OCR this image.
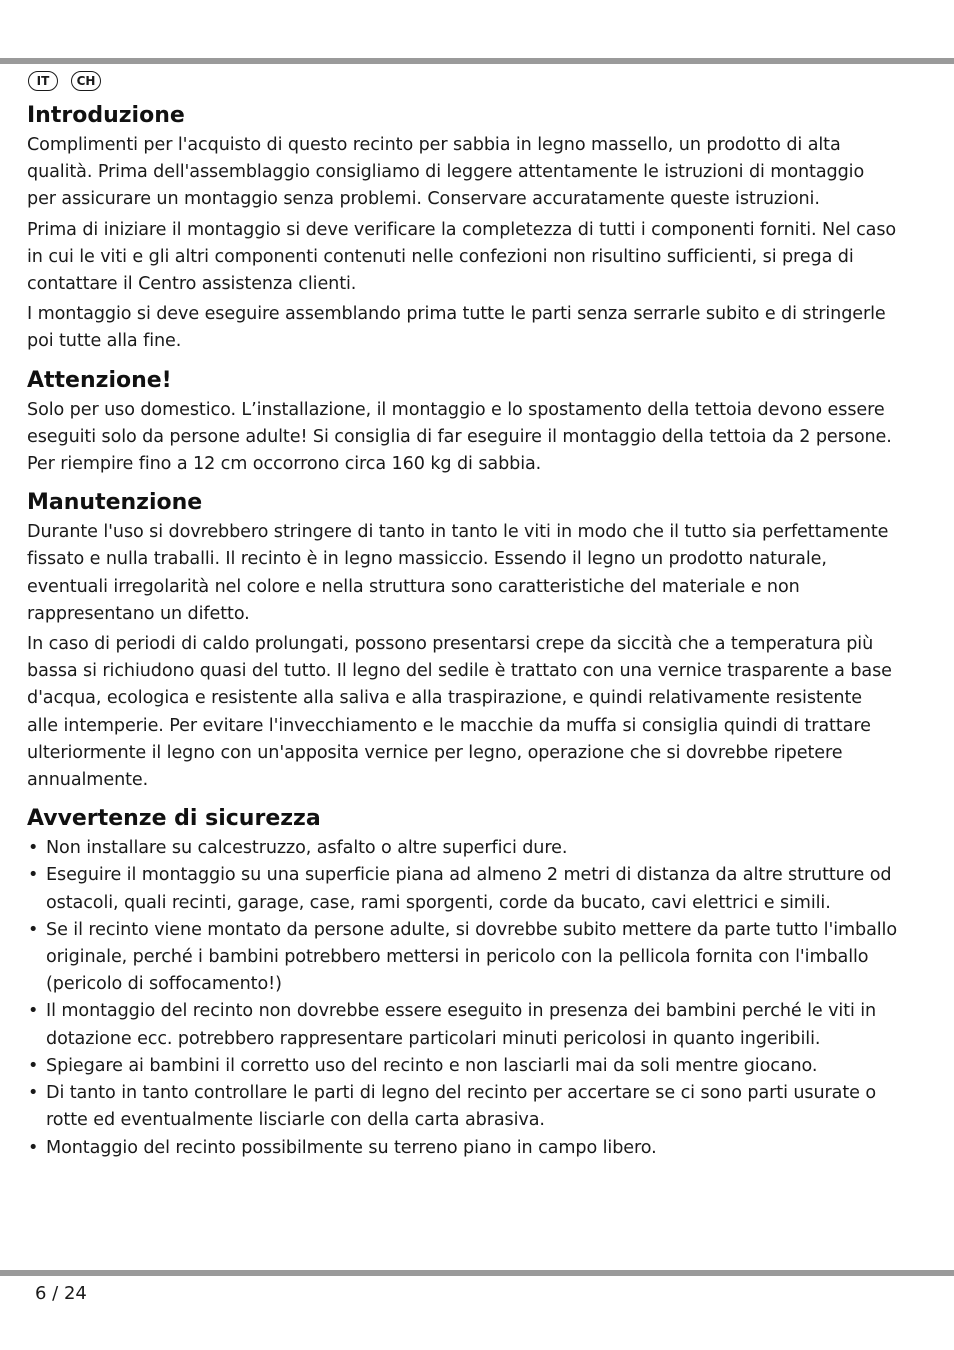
IT	CH
Introduzione

Complimenti per l'acquisto di questo recinto per sabbia in legno massello, un prodotto di alta qualità. Prima dell'assemblaggio consigliamo di leggere attentamente le istruzioni di montaggio per assicurare un montaggio senza problemi. Conservare accuratamente queste istruzioni.

Prima di iniziare il montaggio si deve verificare la completezza di tutti i componenti forniti. Nel caso in cui le viti e gli altri componenti contenuti nelle confezioni non risultino sufficienti, si prega di contattare il Centro assistenza clienti.

I montaggio si deve eseguire assemblando prima tutte le parti senza serrarle subito e di stringerle poi tutte alla fine.

Attenzione!

Solo per uso domestico. L’installazione, il montaggio e lo spostamento della tettoia devono essere eseguiti solo da persone adulte! Si consiglia di far eseguire il montaggio della tettoia da 2 persone.

Per riempire fino a 12 cm occorrono circa 160 kg di sabbia.

Manutenzione

Durante l'uso si dovrebbero stringere di tanto in tanto le viti in modo che il tutto sia perfettamente fissato e nulla traballi. Il recinto è in legno massiccio. Essendo il legno un prodotto naturale, eventuali irregolarità nel colore e nella struttura sono caratteristiche del materiale e non rappresentano un difetto.

In caso di periodi di caldo prolungati, possono presentarsi crepe da siccità che a temperatura più bassa si richiudono quasi del tutto. Il legno del sedile è trattato con una vernice trasparente a base d'acqua, ecologica e resistente alla saliva e alla traspirazione, e quindi relativamente resistente alle intemperie. Per evitare l'invecchiamento e le macchie da muffa si consiglia quindi di trattare ulteriormente il legno con un'apposita vernice per legno, operazione che si dovrebbe ripetere annualmente.

Avvertenze di sicurezza
• Non installare su calcestruzzo, asfalto o altre superfici dure.
• Eseguire il montaggio su una superficie piana ad almeno 2 metri di distanza da altre strutture od ostacoli, quali recinti, garage, case, rami sporgenti, corde da bucato, cavi elettrici e simili.
• Se il recinto viene montato da persone adulte, si dovrebbe subito mettere da parte tutto l'imballo originale, perché i bambini potrebbero mettersi in pericolo con la pellicola fornita con l'imballo (pericolo di soffocamento!)
• Il montaggio del recinto non dovrebbe essere eseguito in presenza dei bambini perché le viti in dotazione ecc. potrebbero rappresentare particolari minuti pericolosi in quanto ingeribili.
• Spiegare ai bambini il corretto uso del recinto e non lasciarli mai da soli mentre giocano.
• Di tanto in tanto controllare le parti di legno del recinto per accertare se ci sono parti usurate o rotte ed eventualmente lisciarle con della carta abrasiva.
• Montaggio del recinto possibilmente su terreno piano in campo libero.
6 / 24
